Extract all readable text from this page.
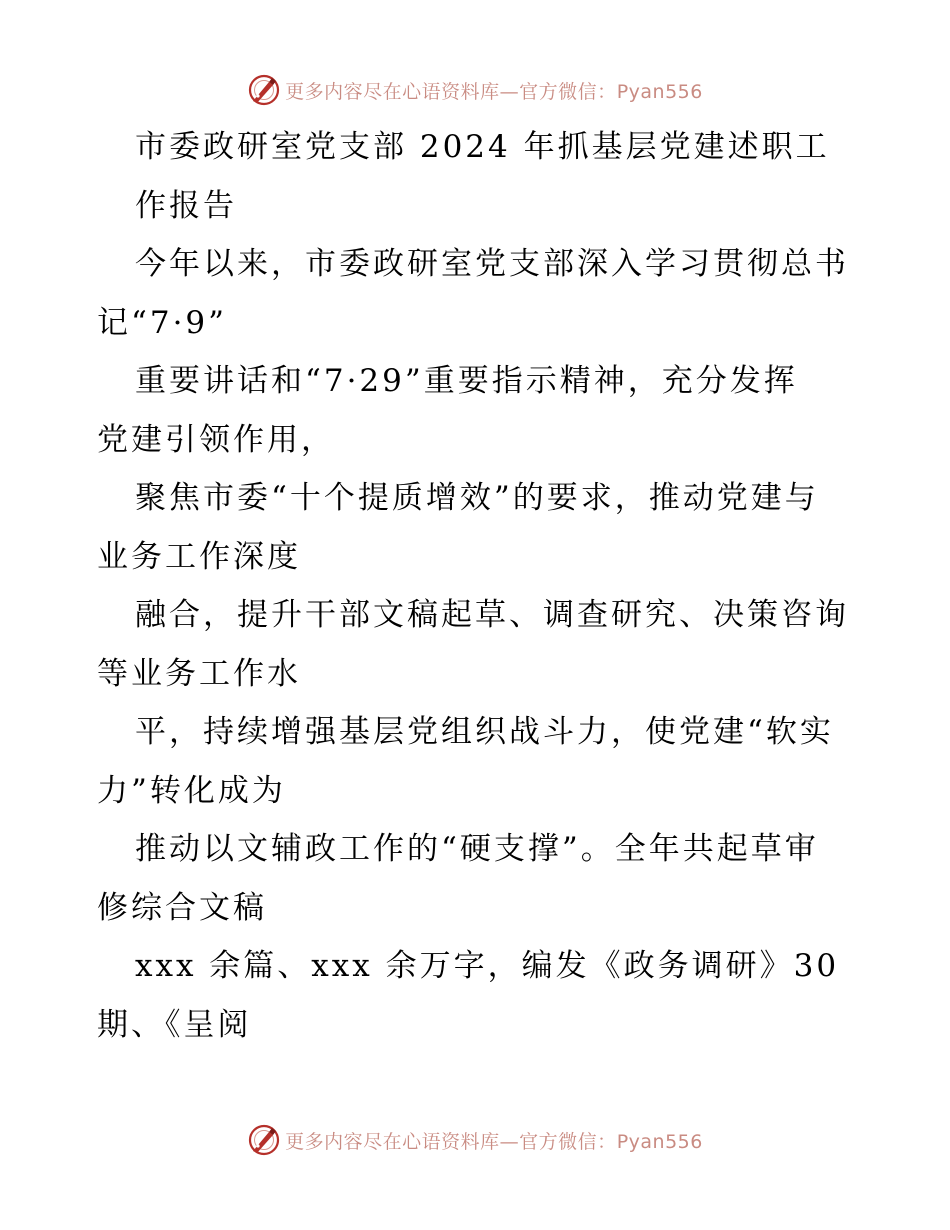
更多内容尽在心语资料库—官方微信：Pyan556
市委政研室党支部 2024 年抓基层党建述职工
作报告
今年以来，市委政研室党支部深入学习贯彻总书
记“7·9”
重要讲话和“7·29”重要指示精神，充分发挥
党建引领作用，
聚焦市委“十个提质增效”的要求，推动党建与
业务工作深度
融合，提升干部文稿起草、调查研究、决策咨询
等业务工作水
平，持续增强基层党组织战斗力，使党建“软实
力”转化成为
推动以文辅政工作的“硬支撑”。全年共起草审
修综合文稿
xxx 余篇、xxx 余万字，编发《政务调研》30
期、《呈阅
更多内容尽在心语资料库—官方微信：Pyan556
